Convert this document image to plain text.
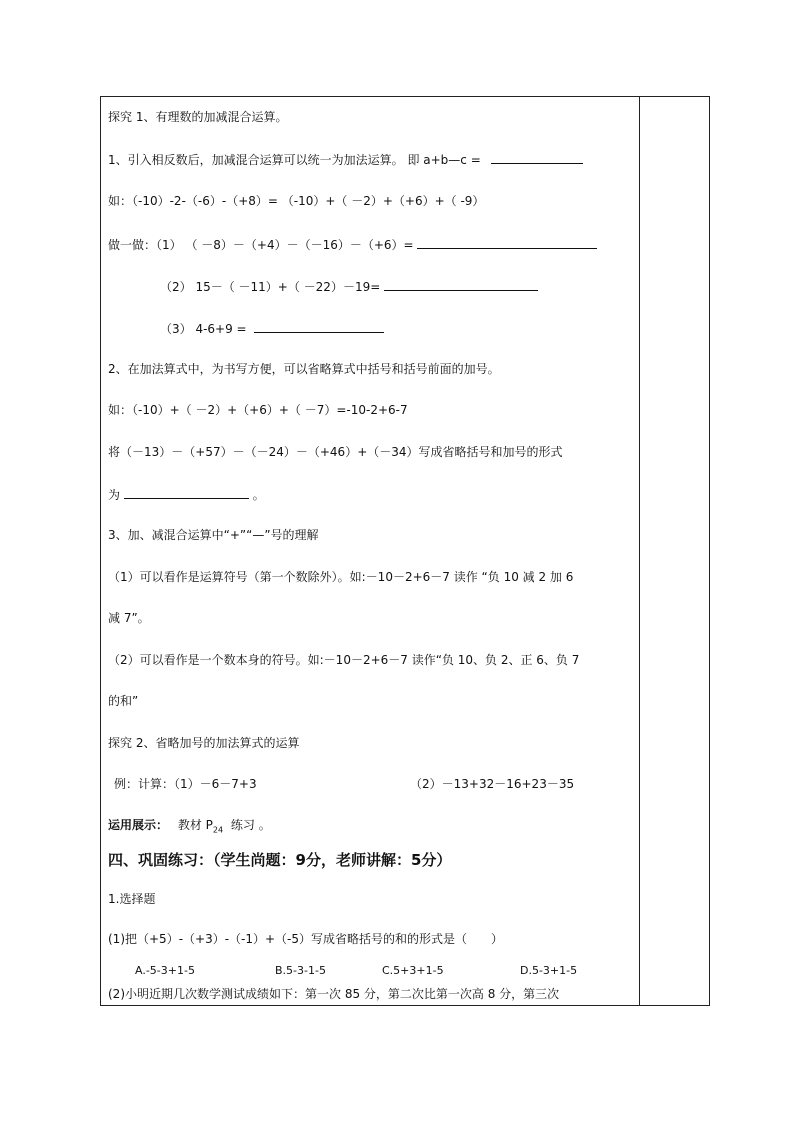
探究 1、有理数的加减混合运算。
1、引入相反数后，加减混合运算可以统一为加法运算。 即 a+b—c =
如：（-10）-2-（-6）-（+8）= （-10）+（ －2）+（+6）+（ -9）
做一做：（1） （ －8）－（+4）－（－16）－（+6）=
（2） 15－（ －11）+（ －22）－19=
（3） 4-6+9 =
2、在加法算式中，为书写方便，可以省略算式中括号和括号前面的加号。
如：（-10）+（ －2）+（+6）+（ －7）=-10-2+6-7
将（－13）－（+57）－（－24）－（+46）+（－34）写成省略括号和加号的形式
为	。
3、加、减混合运算中“+”“—”号的理解
（1）可以看作是运算符号（第一个数除外）。如:－10－2+6－7 读作 “负 10 减 2 加 6
减 7”。
（2）可以看作是一个数本身的符号。如:－10－2+6－7 读作“负 10、负 2、正 6、负 7
的和”
探究 2、省略加号的加法算式的运算
例：计算：（1）－6－7+3	（2）－13+32－16+23－35
运用展示： 教材 $P_{24}$ 练习 。
四、巩固练习：（学生尚题：9分，老师讲解：5分）
1.选择题
(1)把（+5）-（+3）-（-1）+（-5）写成省略括号的和的形式是（　　）
A.-5-3+1-5	B.5-3-1-5	C.5+3+1-5	D.5-3+1-5
(2)小明近期几次数学测试成绩如下：第一次 85 分，第二次比第一次高 8 分，第三次
